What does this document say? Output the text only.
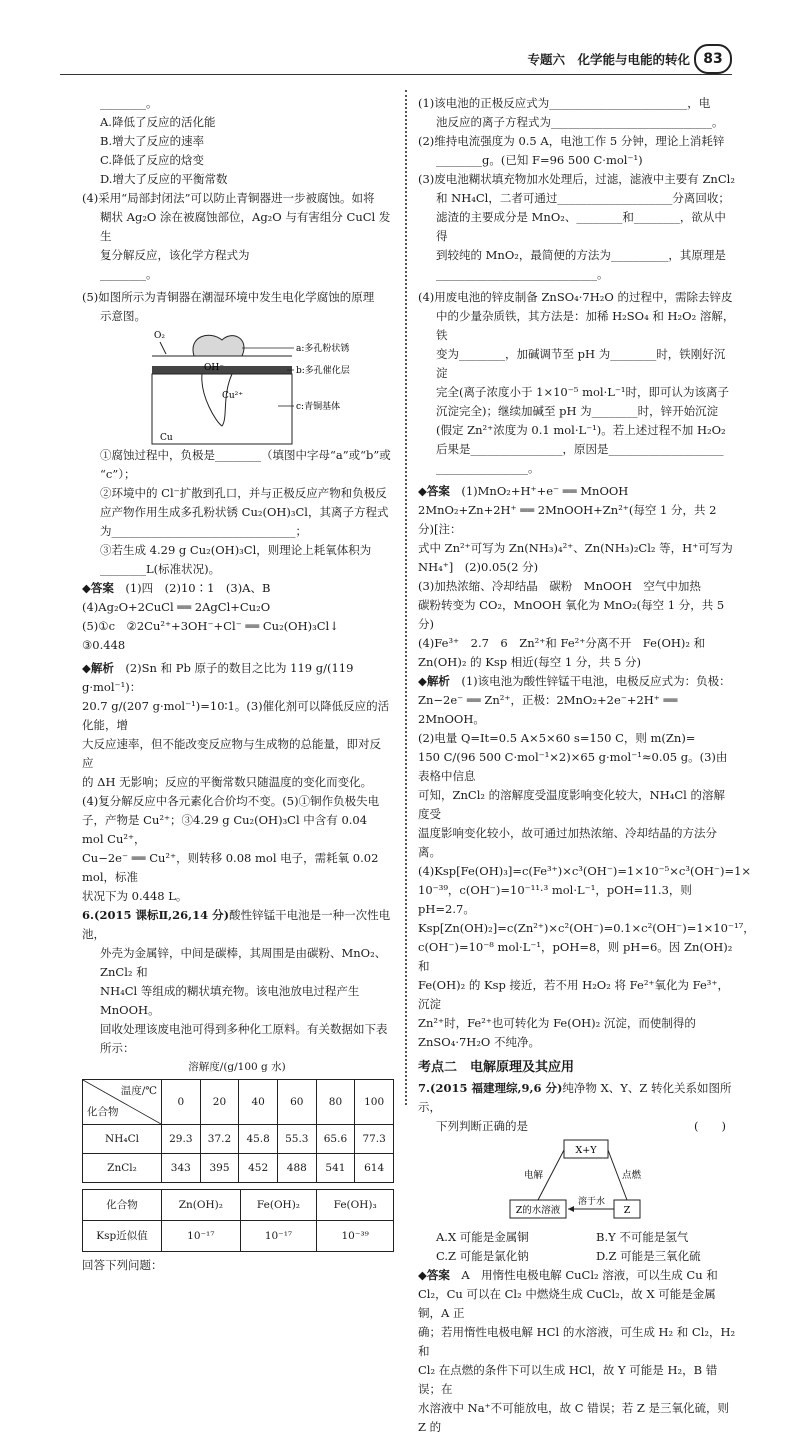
专题六　化学能与电能的转化 83

________。

A.降低了反应的活化能

B.增大了反应的速率

C.降低了反应的焓变

D.增大了反应的平衡常数

(4)采用“局部封闭法”可以防止青铜器进一步被腐蚀。如将

糊状 Ag₂O 涂在被腐蚀部位，Ag₂O 与有害组分 CuCl 发生

复分解反应，该化学方程式为

________。

(5)如图所示为青铜器在潮湿环境中发生电化学腐蚀的原理

示意图。

O₂
OH⁻
Cu²⁺
Cu
a:多孔粉状锈
b:多孔催化层
c:青铜基体

①腐蚀过程中，负极是________（填图中字母“a”或“b”或

“c”）；

②环境中的 Cl⁻扩散到孔口，并与正极反应产物和负极反

应产物作用生成多孔粉状锈 Cu₂(OH)₃Cl，其离子方程式

为________________________________；

③若生成 4.29 g Cu₂(OH)₃Cl，则理论上耗氧体积为

________L(标准状况)。

◆答案　 (1)四　(2)10∶1　(3)A、B

(4)Ag₂O+2CuCl ══ 2AgCl+Cu₂O

(5)①c　②2Cu²⁺+3OH⁻+Cl⁻ ══ Cu₂(OH)₃Cl↓　③0.448

◆解析　 (2)Sn 和 Pb 原子的数目之比为 119 g/(119 g·mol⁻¹)：

20.7 g/(207 g·mol⁻¹)=10∶1。(3)催化剂可以降低反应的活化能，增

大反应速率，但不能改变反应物与生成物的总能量，即对反应

的 ΔH 无影响；反应的平衡常数只随温度的变化而变化。

(4)复分解反应中各元素化合价均不变。(5)①铜作负极失电

子，产物是 Cu²⁺；③4.29 g Cu₂(OH)₃Cl 中含有 0.04 mol Cu²⁺，

Cu−2e⁻ ══ Cu²⁺，则转移 0.08 mol 电子，需耗氧 0.02 mol，标准

状况下为 0.448 L。

6.(2015 课标Ⅱ,26,14 分)酸性锌锰干电池是一种一次性电池，

外壳为金属锌，中间是碳棒，其周围是由碳粉、MnO₂、ZnCl₂ 和

NH₄Cl 等组成的糊状填充物。该电池放电过程产生 MnOOH。

回收处理该废电池可得到多种化工原料。有关数据如下表

所示：

溶解度/(g/100 g 水)
温度/℃
化合物	0	20	40	60	80	100
NH₄Cl	29.3	37.2	45.8	55.3	65.6	77.3
ZnCl₂	343	395	452	488	541	614
化合物	Zn(OH)₂	Fe(OH)₂	Fe(OH)₃
Ksp近似值	10⁻¹⁷	10⁻¹⁷	10⁻³⁹

回答下列问题：

(1)该电池的正极反应式为________________________，电

池反应的离子方程式为____________________________。

(2)维持电流强度为 0.5 A，电池工作 5 分钟，理论上消耗锌

________g。(已知 F=96 500 C·mol⁻¹)

(3)废电池糊状填充物加水处理后，过滤，滤液中主要有 ZnCl₂

和 NH₄Cl，二者可通过____________________分离回收；

滤渣的主要成分是 MnO₂、________和________，欲从中得

到较纯的 MnO₂，最简便的方法为__________，其原理是

____________________________。

(4)用废电池的锌皮制备 ZnSO₄·7H₂O 的过程中，需除去锌皮

中的少量杂质铁，其方法是：加稀 H₂SO₄ 和 H₂O₂ 溶解，铁

变为________，加碱调节至 pH 为________时，铁刚好沉淀

完全(离子浓度小于 1×10⁻⁵ mol·L⁻¹时，即可认为该离子

沉淀完全)；继续加碱至 pH 为________时，锌开始沉淀

(假定 Zn²⁺浓度为 0.1 mol·L⁻¹)。若上述过程不加 H₂O₂

后果是________________，原因是____________________

________________。

◆答案　 (1)MnO₂+H⁺+e⁻ ══ MnOOH

2MnO₂+Zn+2H⁺ ══ 2MnOOH+Zn²⁺(每空 1 分，共 2 分)[注：

式中 Zn²⁺可写为 Zn(NH₃)₄²⁺、Zn(NH₃)₂Cl₂ 等，H⁺可写为

NH₄⁺]　(2)0.05(2 分)

(3)加热浓缩、冷却结晶　碳粉　MnOOH　空气中加热

碳粉转变为 CO₂，MnOOH 氧化为 MnO₂(每空 1 分，共 5 分)

(4)Fe³⁺　2.7　6　Zn²⁺和 Fe²⁺分离不开　Fe(OH)₂ 和

Zn(OH)₂ 的 Ksp 相近(每空 1 分，共 5 分)

◆解析　 (1)该电池为酸性锌锰干电池，电极反应式为：负极：

Zn−2e⁻ ══ Zn²⁺，正极：2MnO₂+2e⁻+2H⁺ ══ 2MnOOH。

(2)电量 Q=It=0.5 A×5×60 s=150 C，则 m(Zn)=

150 C/(96 500 C·mol⁻¹×2)×65 g·mol⁻¹≈0.05 g。(3)由表格中信息

可知，ZnCl₂ 的溶解度受温度影响变化较大，NH₄Cl 的溶解度受

温度影响变化较小，故可通过加热浓缩、冷却结晶的方法分离。

(4)Ksp[Fe(OH)₃]=c(Fe³⁺)×c³(OH⁻)=1×10⁻⁵×c³(OH⁻)=1×

10⁻³⁹，c(OH⁻)=10⁻¹¹·³ mol·L⁻¹，pOH=11.3，则 pH=2.7。

Ksp[Zn(OH)₂]=c(Zn²⁺)×c²(OH⁻)=0.1×c²(OH⁻)=1×10⁻¹⁷，

c(OH⁻)=10⁻⁸ mol·L⁻¹，pOH=8，则 pH=6。因 Zn(OH)₂ 和

Fe(OH)₂ 的 Ksp 接近，若不用 H₂O₂ 将 Fe²⁺氧化为 Fe³⁺，沉淀

Zn²⁺时，Fe²⁺也可转化为 Fe(OH)₂ 沉淀，而使制得的

ZnSO₄·7H₂O 不纯净。

考点二　电解原理及其应用

7.(2015 福建理综,9,6 分)纯净物 X、Y、Z 转化关系如图所示，

下列判断正确的是	(　　)

X+Y
Z的水溶液	Z
电解	点燃
溶于水

A.X 可能是金属铜	B.Y 不可能是氢气

C.Z 可能是氯化钠	D.Z 可能是三氧化硫

◆答案　 A　用惰性电极电解 CuCl₂ 溶液，可以生成 Cu 和

Cl₂，Cu 可以在 Cl₂ 中燃烧生成 CuCl₂，故 X 可能是金属铜，A 正

确；若用惰性电极电解 HCl 的水溶液，可生成 H₂ 和 Cl₂，H₂ 和

Cl₂ 在点燃的条件下可以生成 HCl，故 Y 可能是 H₂，B 错误；在

水溶液中 Na⁺不可能放电，故 C 错误；若 Z 是三氧化硫，则 Z 的
